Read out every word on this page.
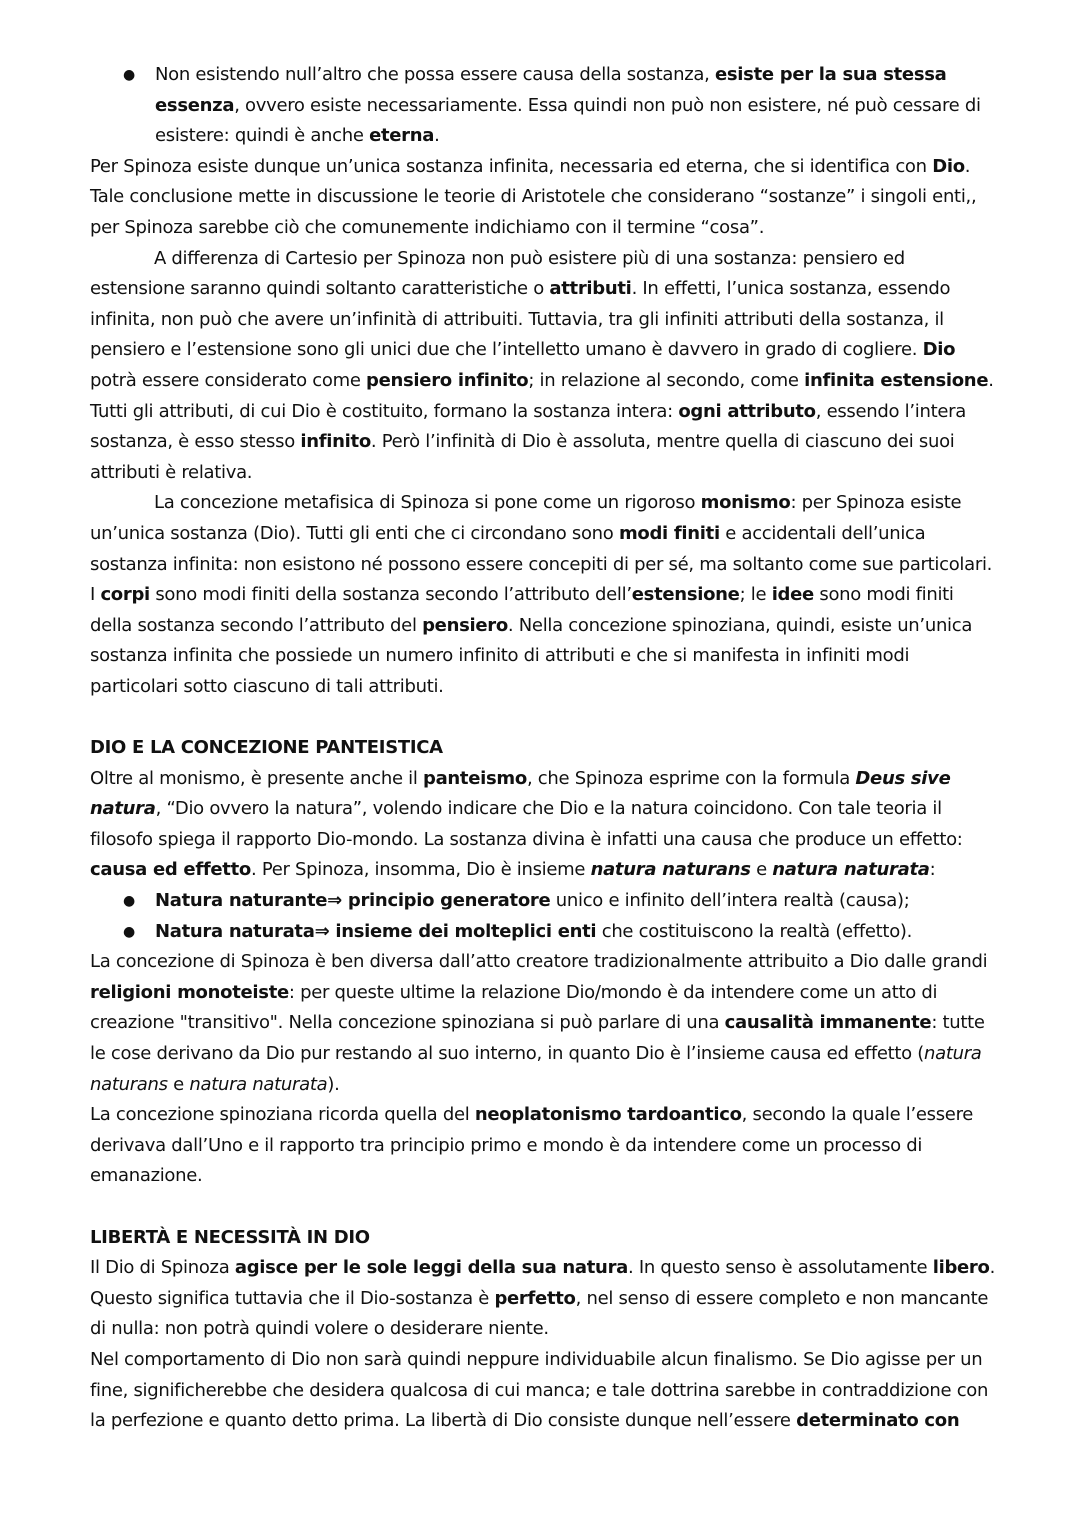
● Non esistendo null’altro che possa essere causa della sostanza, esiste per la sua stessa essenza, ovvero esiste necessariamente. Essa quindi non può non esistere, né può cessare di esistere: quindi è anche eterna.

Per Spinoza esiste dunque un’unica sostanza infinita, necessaria ed eterna, che si identifica con Dio. Tale conclusione mette in discussione le teorie di Aristotele che considerano “sostanze” i singoli enti,, per Spinoza sarebbe ciò che comunemente indichiamo con il termine “cosa”.

A differenza di Cartesio per Spinoza non può esistere più di una sostanza: pensiero ed estensione saranno quindi soltanto caratteristiche o attributi. In effetti, l’unica sostanza, essendo infinita, non può che avere un’infinità di attribuiti. Tuttavia, tra gli infiniti attributi della sostanza, il pensiero e l’estensione sono gli unici due che l’intelletto umano è davvero in grado di cogliere. Dio potrà essere considerato come pensiero infinito; in relazione al secondo, come infinita estensione. Tutti gli attributi, di cui Dio è costituito, formano la sostanza intera: ogni attributo, essendo l’intera sostanza, è esso stesso infinito. Però l’infinità di Dio è assoluta, mentre quella di ciascuno dei suoi attributi è relativa.

La concezione metafisica di Spinoza si pone come un rigoroso monismo: per Spinoza esiste un’unica sostanza (Dio). Tutti gli enti che ci circondano sono modi finiti e accidentali dell’unica sostanza infinita: non esistono né possono essere concepiti di per sé, ma soltanto come sue particolari. I corpi sono modi finiti della sostanza secondo l’attributo dell’estensione; le idee sono modi finiti della sostanza secondo l’attributo del pensiero. Nella concezione spinoziana, quindi, esiste un’unica sostanza infinita che possiede un numero infinito di attributi e che si manifesta in infiniti modi particolari sotto ciascuno di tali attributi.

DIO E LA CONCEZIONE PANTEISTICA

Oltre al monismo, è presente anche il panteismo, che Spinoza esprime con la formula Deus sive natura, “Dio ovvero la natura”, volendo indicare che Dio e la natura coincidono. Con tale teoria il filosofo spiega il rapporto Dio-mondo. La sostanza divina è infatti una causa che produce un effetto: causa ed effetto. Per Spinoza, insomma, Dio è insieme natura naturans e natura naturata:

● Natura naturante⇒ principio generatore unico e infinito dell’intera realtà (causa);
● Natura naturata⇒ insieme dei molteplici enti che costituiscono la realtà (effetto).

La concezione di Spinoza è ben diversa dall’atto creatore tradizionalmente attribuito a Dio dalle grandi religioni monoteiste: per queste ultime la relazione Dio/mondo è da intendere come un atto di creazione "transitivo". Nella concezione spinoziana si può parlare di una causalità immanente: tutte le cose derivano da Dio pur restando al suo interno, in quanto Dio è l’insieme causa ed effetto (natura naturans e natura naturata).

La concezione spinoziana ricorda quella del neoplatonismo tardoantico, secondo la quale l’essere derivava dall’Uno e il rapporto tra principio primo e mondo è da intendere come un processo di emanazione.

LIBERTÀ E NECESSITÀ IN DIO

Il Dio di Spinoza agisce per le sole leggi della sua natura. In questo senso è assolutamente libero. Questo significa tuttavia che il Dio-sostanza è perfetto, nel senso di essere completo e non mancante di nulla: non potrà quindi volere o desiderare niente.

Nel comportamento di Dio non sarà quindi neppure individuabile alcun finalismo. Se Dio agisse per un fine, significherebbe che desidera qualcosa di cui manca; e tale dottrina sarebbe in contraddizione con la perfezione e quanto detto prima. La libertà di Dio consiste dunque nell’essere determinato con
